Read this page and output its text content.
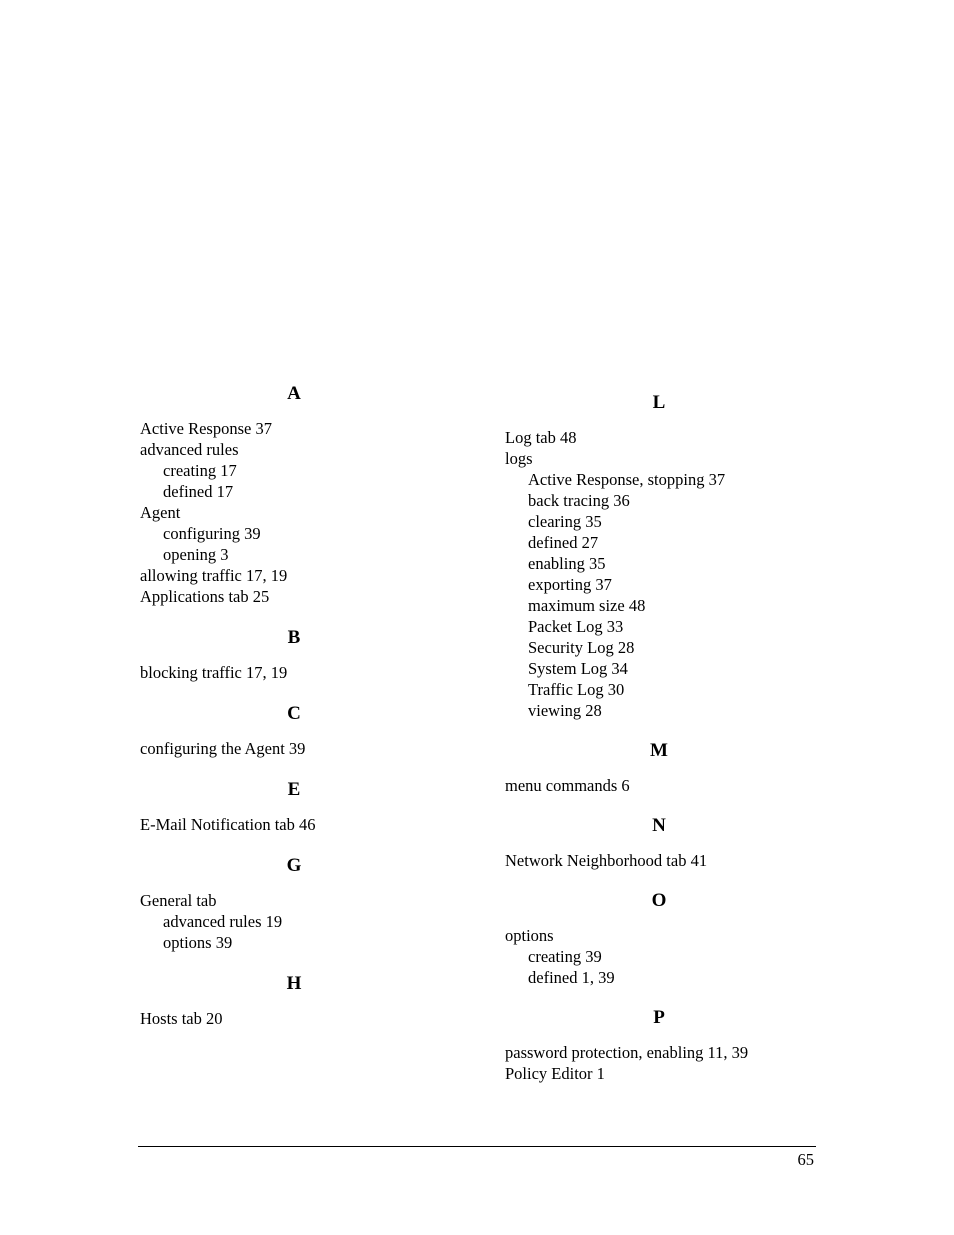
A
Active Response 37
advanced rules
creating 17
defined 17
Agent
configuring 39
opening 3
allowing traffic 17, 19
Applications tab 25
B
blocking traffic 17, 19
C
configuring the Agent 39
E
E-Mail Notification tab 46
G
General tab
advanced rules 19
options 39
H
Hosts tab 20
L
Log tab 48
logs
Active Response, stopping 37
back tracing 36
clearing 35
defined 27
enabling 35
exporting 37
maximum size 48
Packet Log 33
Security Log 28
System Log 34
Traffic Log 30
viewing 28
M
menu commands 6
N
Network Neighborhood tab 41
O
options
creating 39
defined 1, 39
P
password protection, enabling 11, 39
Policy Editor 1
65
